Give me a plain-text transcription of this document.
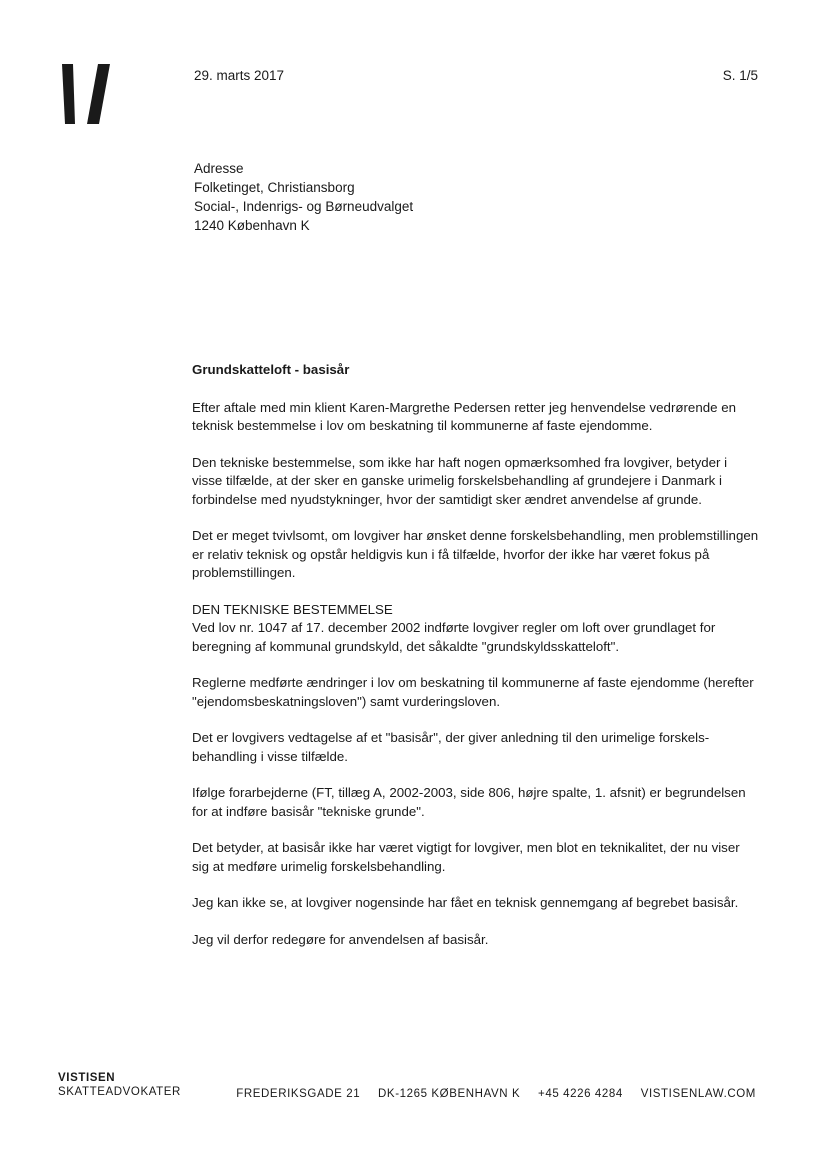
29. marts 2017	S. 1/5
Adresse
Folketinget, Christiansborg
Social-, Indenrigs- og Børneudvalget
1240 København K
Grundskatteloft - basisår

Efter aftale med min klient Karen-Margrethe Pedersen retter jeg henvendelse vedrørende en teknisk bestemmelse i lov om beskatning til kommunerne af faste ejendomme.

Den tekniske bestemmelse, som ikke har haft nogen opmærksomhed fra lovgiver, betyder i visse tilfælde, at der sker en ganske urimelig forskelsbehandling af grundejere i Danmark i forbindelse med nyudstykninger, hvor der samtidigt sker ændret anvendelse af grunde.

Det er meget tvivlsomt, om lovgiver har ønsket denne forskelsbehandling, men problemstillingen er relativ teknisk og opstår heldigvis kun i få tilfælde, hvorfor der ikke har været fokus på problemstillingen.

DEN TEKNISKE BESTEMMELSE

Ved lov nr. 1047 af 17. december 2002 indførte lovgiver regler om loft over grundlaget for beregning af kommunal grundskyld, det såkaldte "grundskyldsskatteloft".

Reglerne medførte ændringer i lov om beskatning til kommunerne af faste ejendomme (herefter "ejendomsbeskatningsloven") samt vurderingsloven.

Det er lovgivers vedtagelse af et "basisår", der giver anledning til den urimelige forskelsbehandling i visse tilfælde.

Ifølge forarbejderne (FT, tillæg A, 2002-2003, side 806, højre spalte, 1. afsnit) er begrundelsen for at indføre basisår "tekniske grunde".

Det betyder, at basisår ikke har været vigtigt for lovgiver, men blot en teknikalitet, der nu viser sig at medføre urimelig forskelsbehandling.

Jeg kan ikke se, at lovgiver nogensinde har fået en teknisk gennemgang af begrebet basisår.

Jeg vil derfor redegøre for anvendelsen af basisår.

VISTISEN
SKATTEADVOKATER	FREDERIKSGADE 21 DK-1265 KØBENHAVN K +45 4226 4284 VISTISENLAW.COM
